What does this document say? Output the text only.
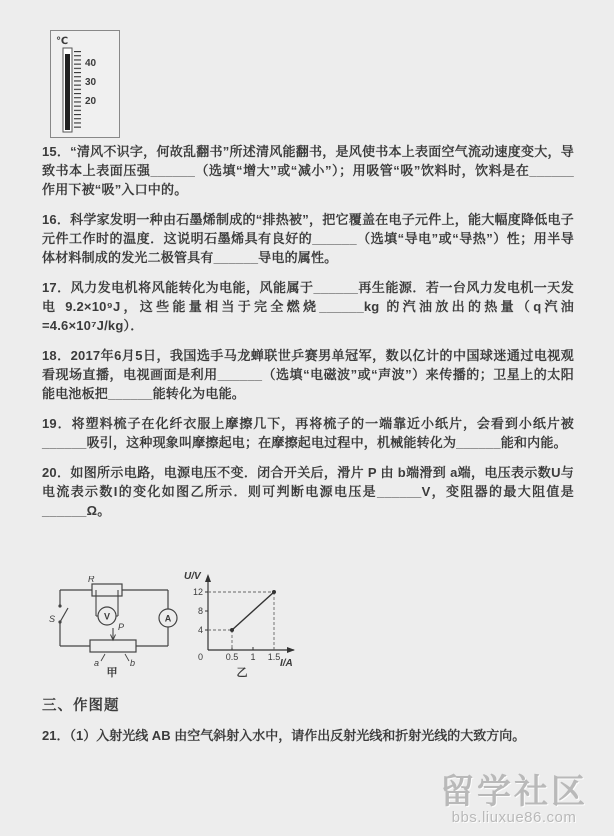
℃
40
30
20

15．“清风不识字，何故乱翻书”所述清风能翻书，是风使书本上表面空气流动速度变大，导致书本上表面压强______（选填“增大”或“减小”）；用吸管“吸”饮料时，饮料是在______作用下被“吸”入口中的。

16．科学家发明一种由石墨烯制成的“排热被”，把它覆盖在电子元件上，能大幅度降低电子元件工作时的温度．这说明石墨烯具有良好的______（选填“导电”或“导热”）性；用半导体材料制成的发光二极管具有______导电的属性。

17．风力发电机将风能转化为电能，风能属于______再生能源．若一台风力发电机一天发电 9.2×10⁹J，这些能量相当于完全燃烧______kg 的汽油放出的热量（q汽油=4.6×10⁷J/kg）．

18．2017年6月5日，我国选手马龙蝉联世乒赛男单冠军，数以亿计的中国球迷通过电视观看现场直播，电视画面是利用______（选填“电磁波”或“声波”）来传播的；卫星上的太阳能电池板把______能转化为电能。

19．将塑料梳子在化纤衣服上摩擦几下，再将梳子的一端靠近小纸片，会看到小纸片被______吸引，这种现象叫摩擦起电；在摩擦起电过程中，机械能转化为______能和内能。

20．如图所示电路，电源电压不变．闭合开关后，滑片 P 由 b端滑到 a端，电压表示数U与电流表示数I的变化如图乙所示．则可判断电源电压是______V，变阻器的最大阻值是______Ω。

R
V	A
S
P
a	b
甲
U/V
I/A
12
8
4
0.5 1 1.5
0
乙
三、作图题

21．（1）入射光线 AB 由空气斜射入水中，请作出反射光线和折射光线的大致方向。

留学社区
bbs.liuxue86.com
